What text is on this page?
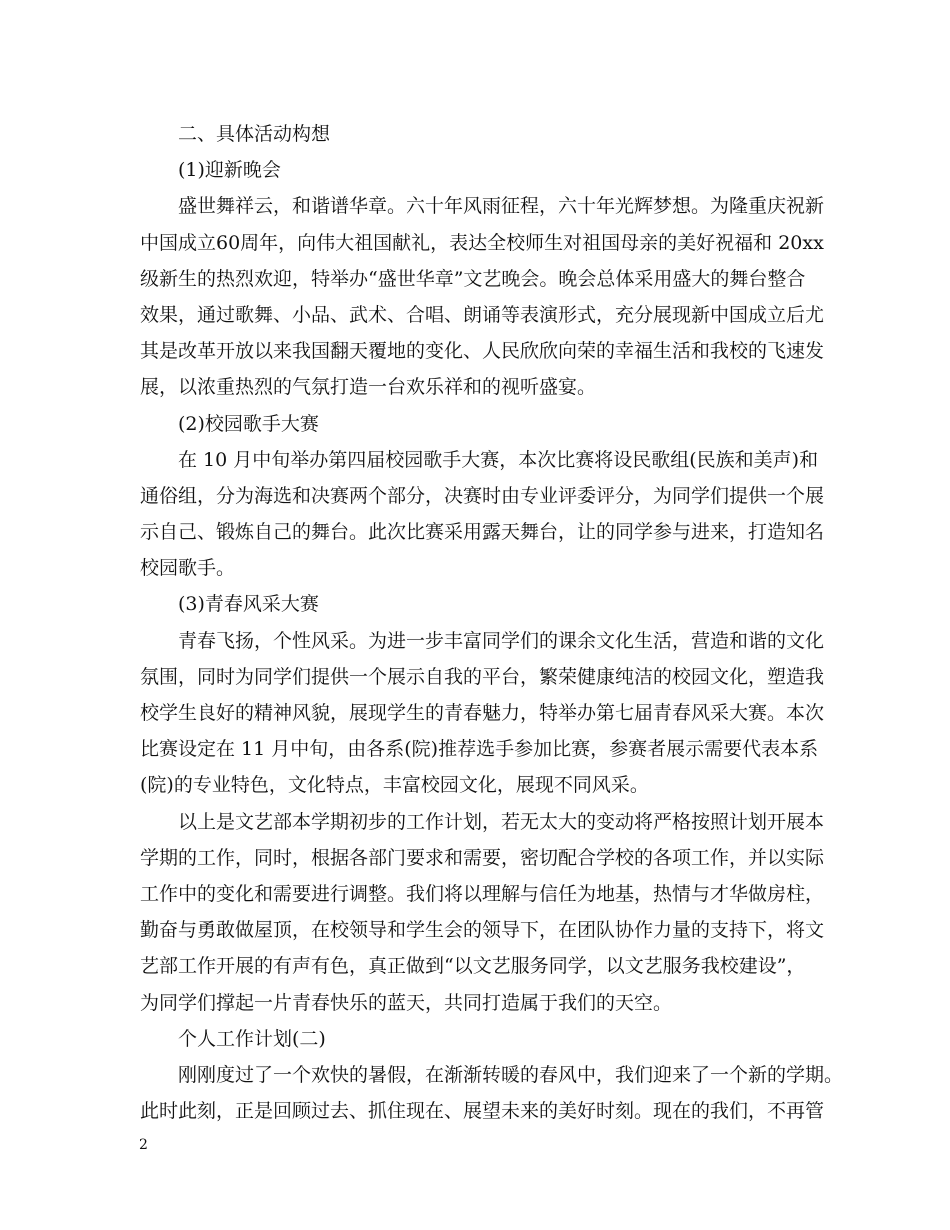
二、具体活动构想
(1)迎新晚会
盛世舞祥云，和谐谱华章。六十年风雨征程，六十年光辉梦想。为隆重庆祝新
中国成立60周年，向伟大祖国献礼，表达全校师生对祖国母亲的美好祝福和 20xx
级新生的热烈欢迎，特举办“盛世华章”文艺晚会。晚会总体采用盛大的舞台整合
效果，通过歌舞、小品、武术、合唱、朗诵等表演形式，充分展现新中国成立后尤
其是改革开放以来我国翻天覆地的变化、人民欣欣向荣的幸福生活和我校的飞速发
展，以浓重热烈的气氛打造一台欢乐祥和的视听盛宴。
(2)校园歌手大赛
在 10 月中旬举办第四届校园歌手大赛，本次比赛将设民歌组(民族和美声)和
通俗组，分为海选和决赛两个部分，决赛时由专业评委评分，为同学们提供一个展
示自己、锻炼自己的舞台。此次比赛采用露天舞台，让的同学参与进来，打造知名
校园歌手。
(3)青春风采大赛
青春飞扬，个性风采。为进一步丰富同学们的课余文化生活，营造和谐的文化
氛围，同时为同学们提供一个展示自我的平台，繁荣健康纯洁的校园文化，塑造我
校学生良好的精神风貌，展现学生的青春魅力，特举办第七届青春风采大赛。本次
比赛设定在 11 月中旬，由各系(院)推荐选手参加比赛，参赛者展示需要代表本系
(院)的专业特色，文化特点，丰富校园文化，展现不同风采。
以上是文艺部本学期初步的工作计划，若无太大的变动将严格按照计划开展本
学期的工作，同时，根据各部门要求和需要，密切配合学校的各项工作，并以实际
工作中的变化和需要进行调整。我们将以理解与信任为地基，热情与才华做房柱，
勤奋与勇敢做屋顶，在校领导和学生会的领导下，在团队协作力量的支持下，将文
艺部工作开展的有声有色，真正做到“以文艺服务同学，以文艺服务我校建设”，
为同学们撑起一片青春快乐的蓝天，共同打造属于我们的天空。
个人工作计划(二)
刚刚度过了一个欢快的暑假，在渐渐转暖的春风中，我们迎来了一个新的学期。
此时此刻，正是回顾过去、抓住现在、展望未来的美好时刻。现在的我们，不再管
2
